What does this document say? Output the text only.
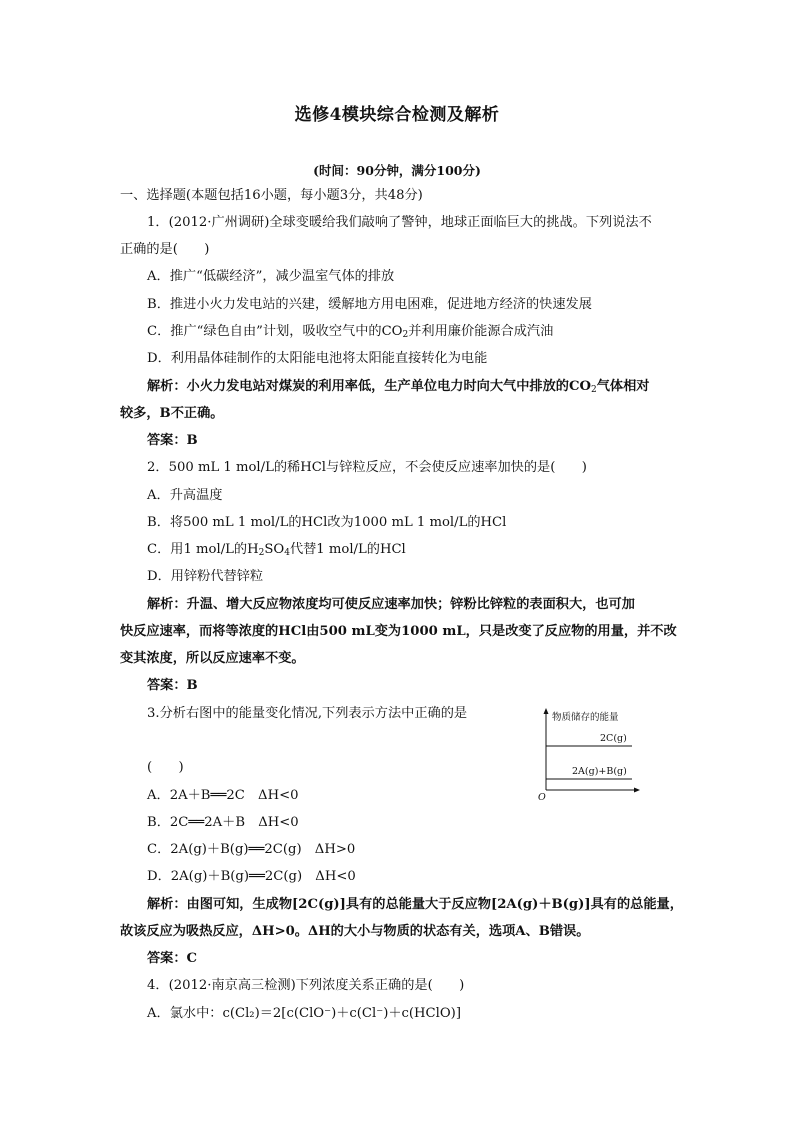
选修4模块综合检测及解析
(时间：90分钟，满分100分)
一、选择题(本题包括16小题，每小题3分，共48分)
1．(2012·广州调研)全球变暖给我们敲响了警钟，地球正面临巨大的挑战。下列说法不
正确的是(　　)
A．推广“低碳经济”，减少温室气体的排放
B．推进小火力发电站的兴建，缓解地方用电困难，促进地方经济的快速发展
C．推广“绿色自由”计划，吸收空气中的$CO_2$并利用廉价能源合成汽油
D．利用晶体硅制作的太阳能电池将太阳能直接转化为电能
解析：小火力发电站对煤炭的利用率低，生产单位电力时向大气中排放的$CO_2$气体相对
较多，B不正确。
答案：B
2．500 mL 1 mol/L的稀HCl与锌粒反应，不会使反应速率加快的是(　　)
A．升高温度
B．将500 mL 1 mol/L的HCl改为1000 mL 1 mol/L的HCl
C．用1 mol/L的$H_2SO_4$代替1 mol/L的HCl
D．用锌粉代替锌粒
解析：升温、增大反应物浓度均可使反应速率加快；锌粉比锌粒的表面积大，也可加
快反应速率，而将等浓度的HCl由500 mL变为1000 mL，只是改变了反应物的用量，并不改
变其浓度，所以反应速率不变。
答案：B
3.分析右图中的能量变化情况,下列表示方法中正确的是
(　　)
A．2A＋B══2C　ΔH<0
B．2C══2A＋B　ΔH<0
C．2A(g)＋B(g)══2C(g)　ΔH>0
D．2A(g)＋B(g)══2C(g)　ΔH<0
解析：由图可知，生成物[2C(g)]具有的总能量大于反应物[2A(g)＋B(g)]具有的总能量，
故该反应为吸热反应，ΔH>0。ΔH的大小与物质的状态有关，选项A、B错误。
答案：C
4．(2012·南京高三检测)下列浓度关系正确的是(　　)
A．氯水中：c(Cl₂)＝2[c(ClO⁻)＋c(Cl⁻)＋c(HClO)]
物质储存的能量
2C(g)
2A(g)+B(g)
O
